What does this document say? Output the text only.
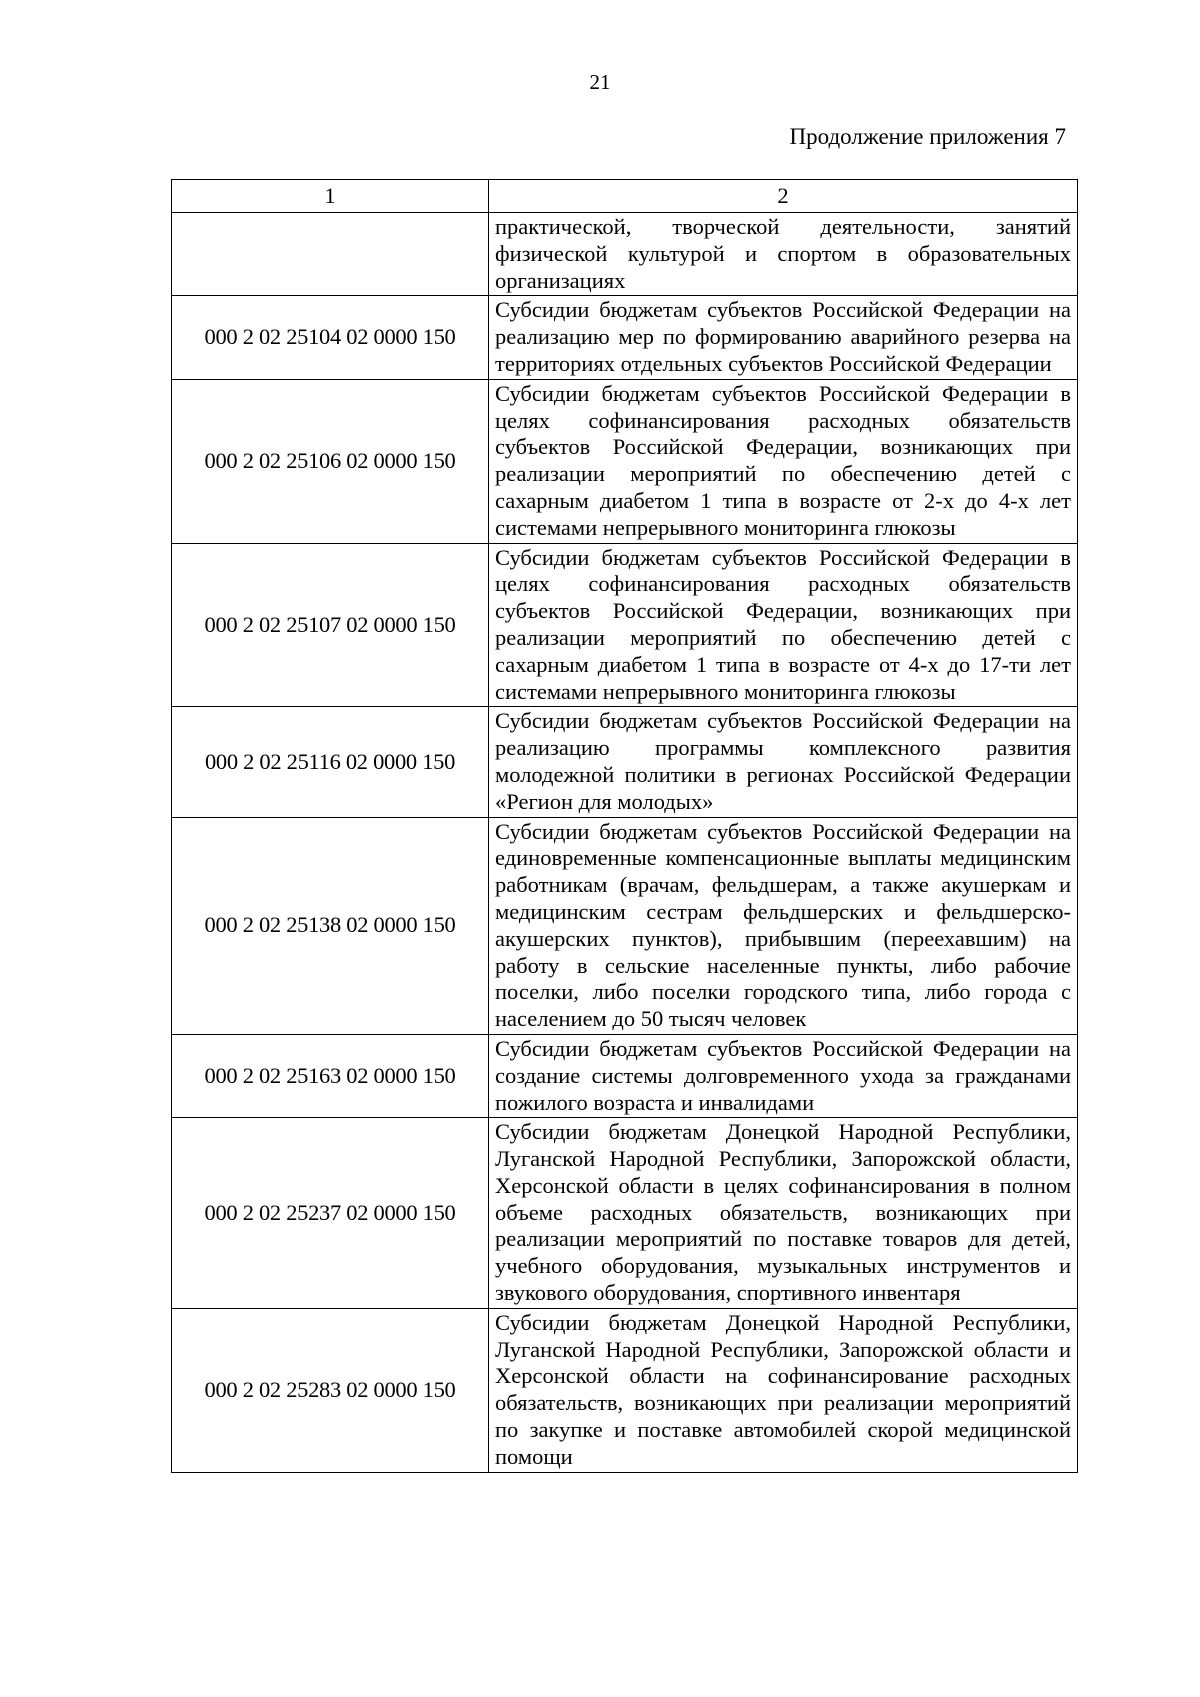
21
Продолжение приложения 7
1	2
	практической, творческой деятельности, занятий физической культурой и спортом в образовательных организациях
000 2 02 25104 02 0000 150	Субсидии бюджетам субъектов Российской Федерации на реализацию мер по формированию аварийного резерва на территориях отдельных субъектов Российской Федерации
000 2 02 25106 02 0000 150	Субсидии бюджетам субъектов Российской Федерации в целях софинансирования расходных обязательств субъектов Российской Федерации, возникающих при реализации мероприятий по обеспечению детей с сахарным диабетом 1 типа в возрасте от 2-х до 4-х лет системами непрерывного мониторинга глюкозы
000 2 02 25107 02 0000 150	Субсидии бюджетам субъектов Российской Федерации в целях софинансирования расходных обязательств субъектов Российской Федерации, возникающих при реализации мероприятий по обеспечению детей с сахарным диабетом 1 типа в возрасте от 4-х до 17-ти лет системами непрерывного мониторинга глюкозы
000 2 02 25116 02 0000 150	Субсидии бюджетам субъектов Российской Федерации на реализацию программы комплексного развития молодежной политики в регионах Российской Федерации «Регион для молодых»
000 2 02 25138 02 0000 150	Субсидии бюджетам субъектов Российской Федерации на единовременные компенсационные выплаты медицинским работникам (врачам, фельдшерам, а также акушеркам и медицинским сестрам фельдшерских и фельдшерско-акушерских пунктов), прибывшим (переехавшим) на работу в сельские населенные пункты, либо рабочие поселки, либо поселки городского типа, либо города с населением до 50 тысяч человек
000 2 02 25163 02 0000 150	Субсидии бюджетам субъектов Российской Федерации на создание системы долговременного ухода за гражданами пожилого возраста и инвалидами
000 2 02 25237 02 0000 150	Субсидии бюджетам Донецкой Народной Республики, Луганской Народной Республики, Запорожской области, Херсонской области в целях софинансирования в полном объеме расходных обязательств, возникающих при реализации мероприятий по поставке товаров для детей, учебного оборудования, музыкальных инструментов и звукового оборудования, спортивного инвентаря
000 2 02 25283 02 0000 150	Субсидии бюджетам Донецкой Народной Республики, Луганской Народной Республики, Запорожской области и Херсонской области на софинансирование расходных обязательств, возникающих при реализации мероприятий по закупке и поставке автомобилей скорой медицинской помощи
